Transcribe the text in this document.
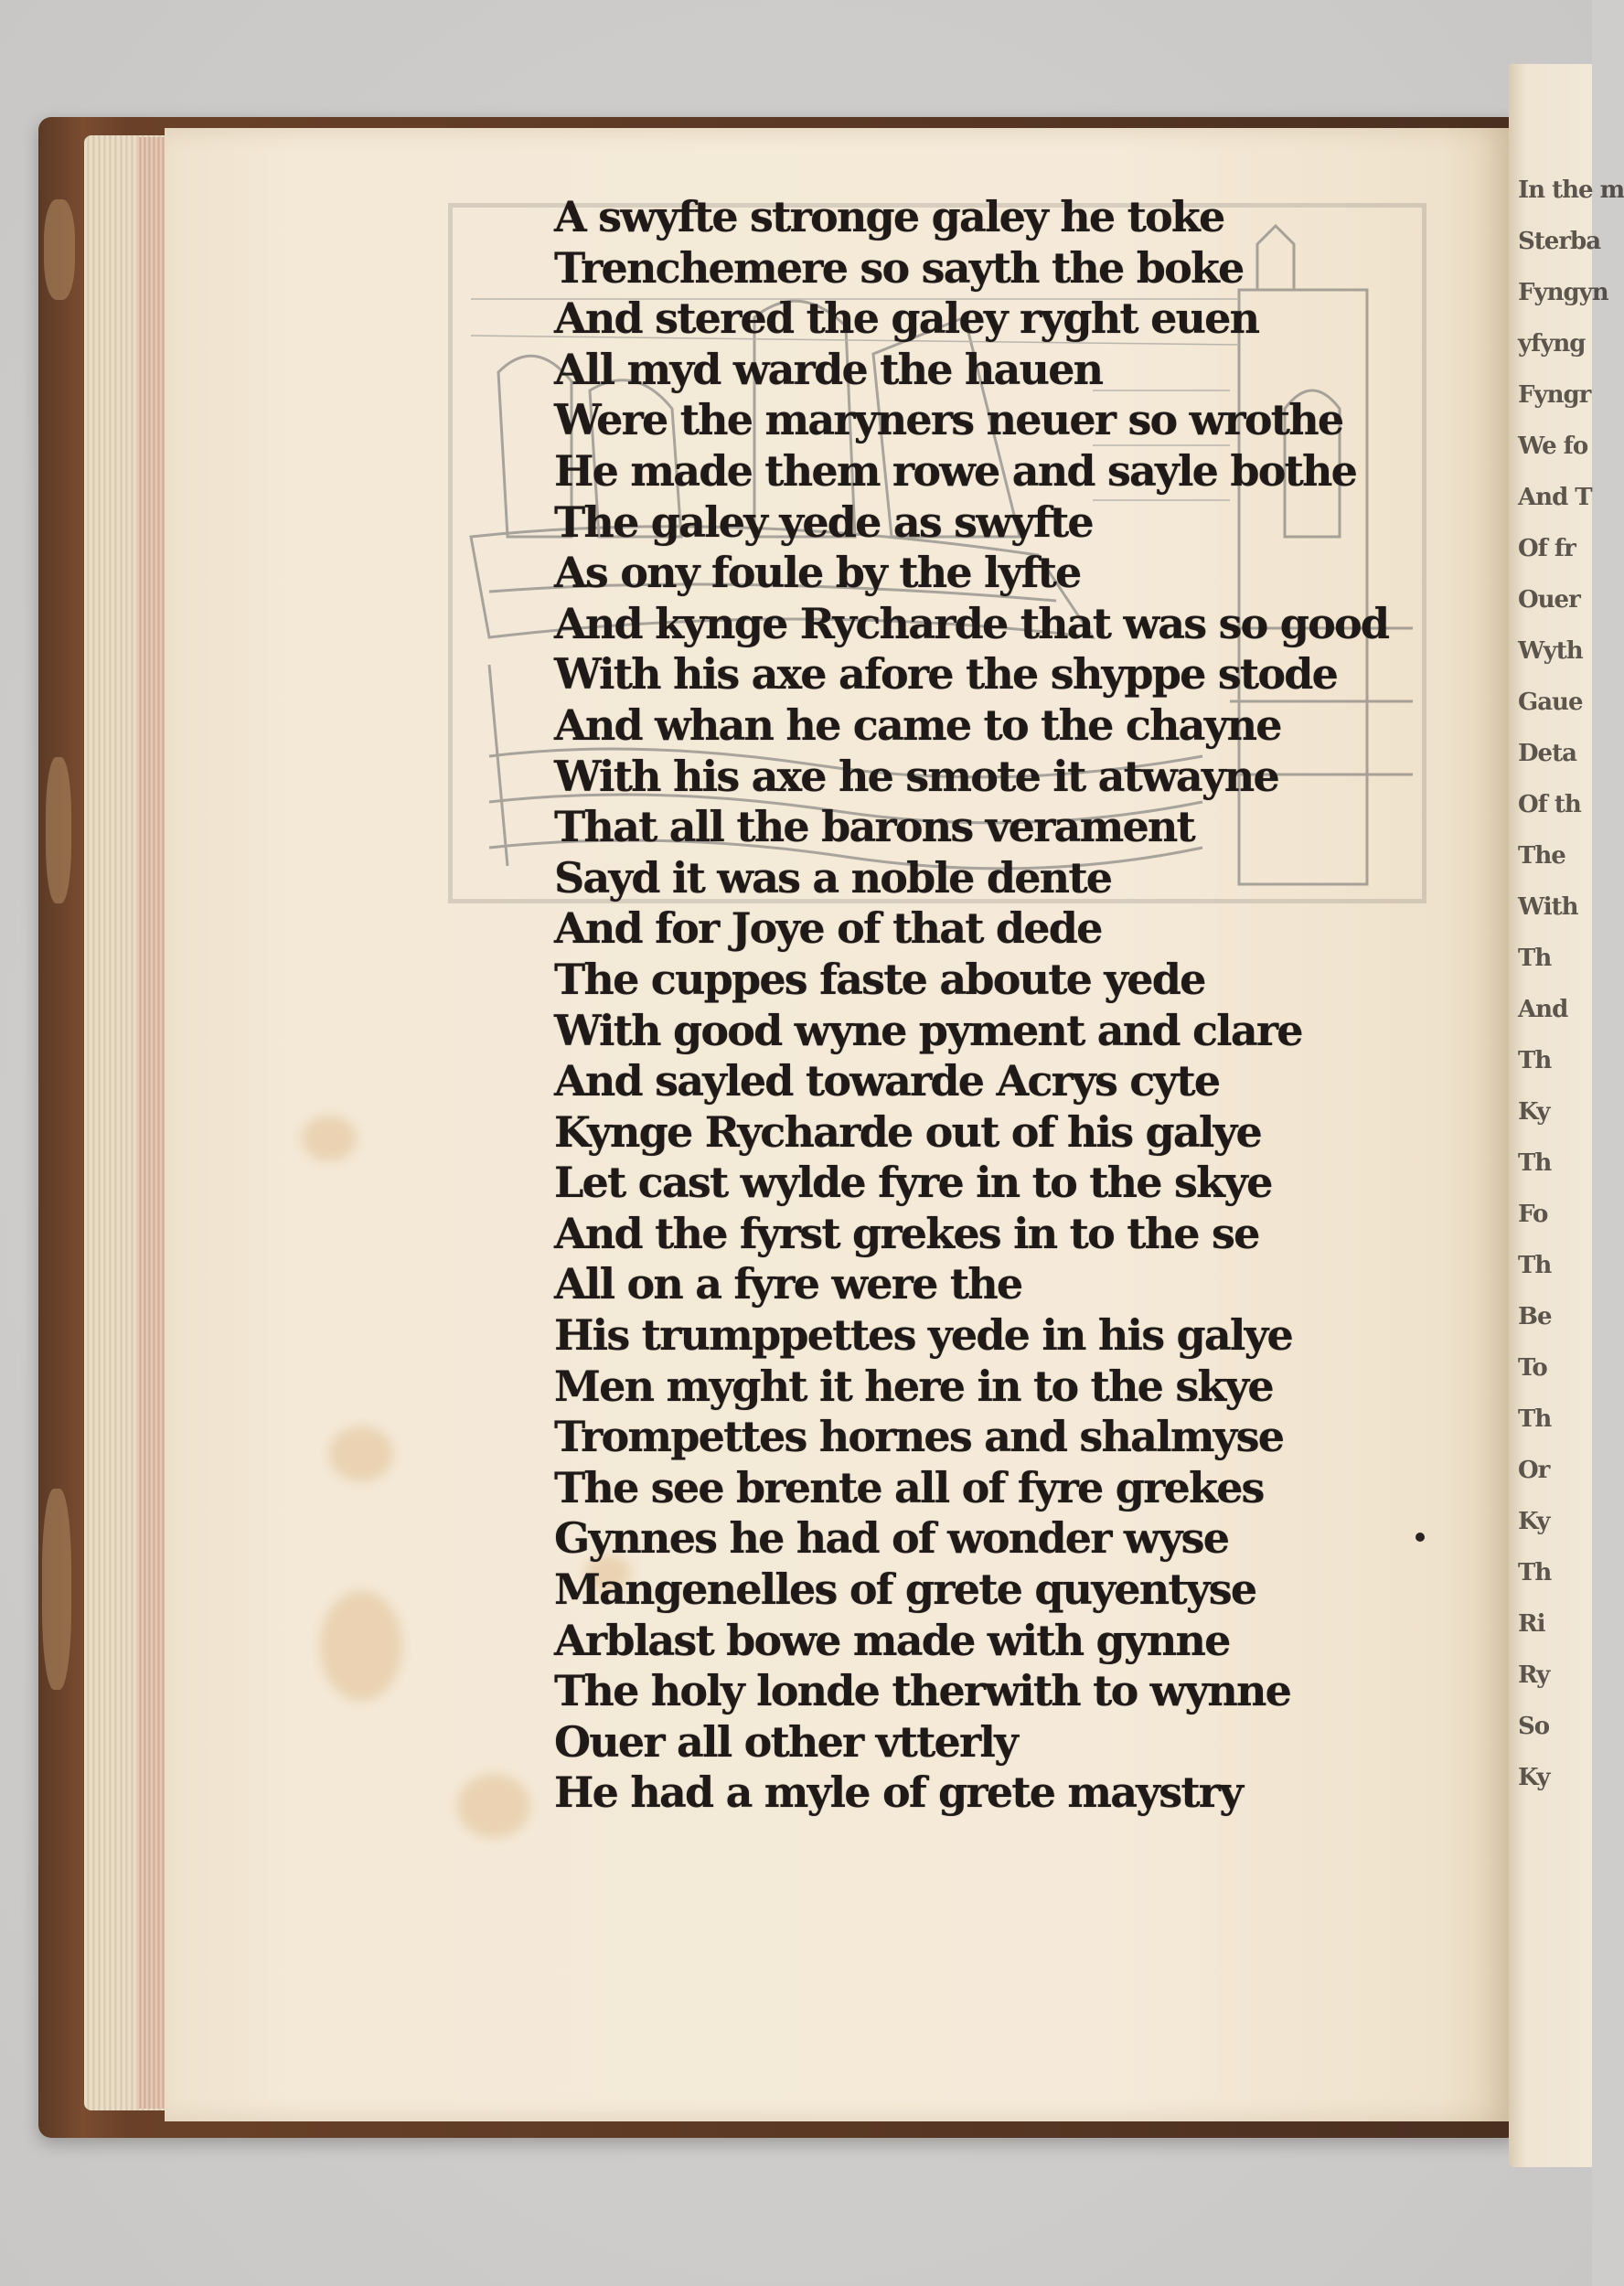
In the m
Sterba
Fyngyn
yfyng
Fyngr
We fo
And T
Of fr
Ouer
Wyth
Gaue
Deta
Of th
The
With
Th
And
Th
Ky
Th
Fo
Th
Be
To
Th
Or
Ky
Th
Ri
Ry
So
Ky
A swyfte stronge galey he toke
Trenchemere so sayth the boke
And stered the galey ryght euen
All myd warde the hauen
Were the maryners neuer so wrothe
He made them rowe and sayle bothe
The galey yede as swyfte
As ony foule by the lyfte
And kynge Rycharde that was so good
With his axe afore the shyppe stode
And whan he came to the chayne
With his axe he smote it atwayne
That all the barons verament
Sayd it was a noble dente
And for Joye of that dede
The cuppes faste aboute yede
With good wyne pyment and clare
And sayled towarde Acrys cyte
Kynge Rycharde out of his galye
Let cast wylde fyre in to the skye
And the fyrst grekes in to the se
All on a fyre were the
His trumppettes yede in his galye
Men myght it here in to the skye
Trompettes hornes and shalmyse
The see brente all of fyre grekes
Gynnes he had of wonder wyse
Mangenelles of grete quyentyse
Arblast bowe made with gynne
The holy londe therwith to wynne
Ouer all other vtterly
He had a myle of grete maystry
